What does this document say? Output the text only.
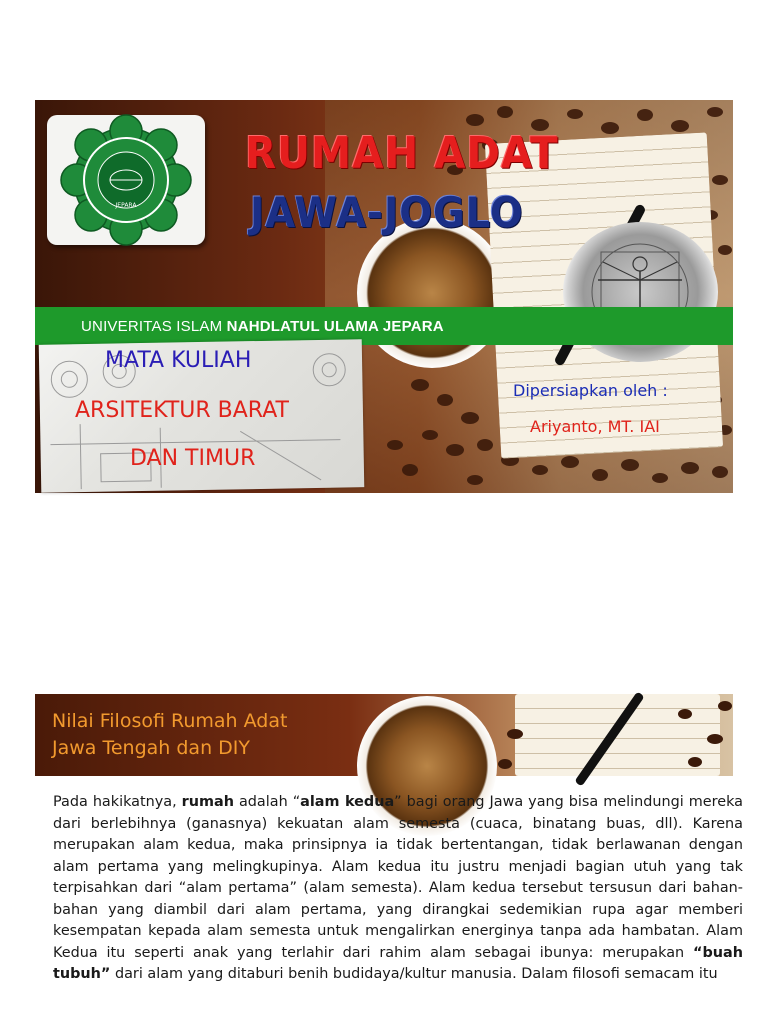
JEPARA
RUMAH ADAT
JAWA-JOGLO
UNIVERITAS ISLAM NAHDLATUL ULAMA JEPARA
MATA KULIAH
ARSITEKTUR BARAT
DAN TIMUR
Dipersiapkan oleh :
Ariyanto, MT. IAI
Nilai Filosofi Rumah Adat
Jawa Tengah dan DIY
Pada hakikatnya, rumah adalah “alam kedua” bagi orang Jawa yang bisa melindungi mereka dari berlebihnya (ganasnya) kekuatan alam semesta (cuaca, binatang buas, dll). Karena merupakan alam kedua, maka prinsipnya ia tidak bertentangan, tidak berlawanan dengan alam pertama yang melingkupinya. Alam kedua itu justru menjadi bagian utuh yang tak terpisahkan dari “alam pertama” (alam semesta). Alam kedua tersebut tersusun dari bahan-bahan yang diambil dari alam pertama, yang dirangkai sedemikian rupa agar memberi kesempatan kepada alam semesta untuk mengalirkan energinya tanpa ada hambatan. Alam Kedua itu seperti anak yang terlahir dari rahim alam sebagai ibunya: merupakan “buah tubuh” dari alam yang ditaburi benih budidaya/kultur manusia. Dalam filosofi semacam itu
